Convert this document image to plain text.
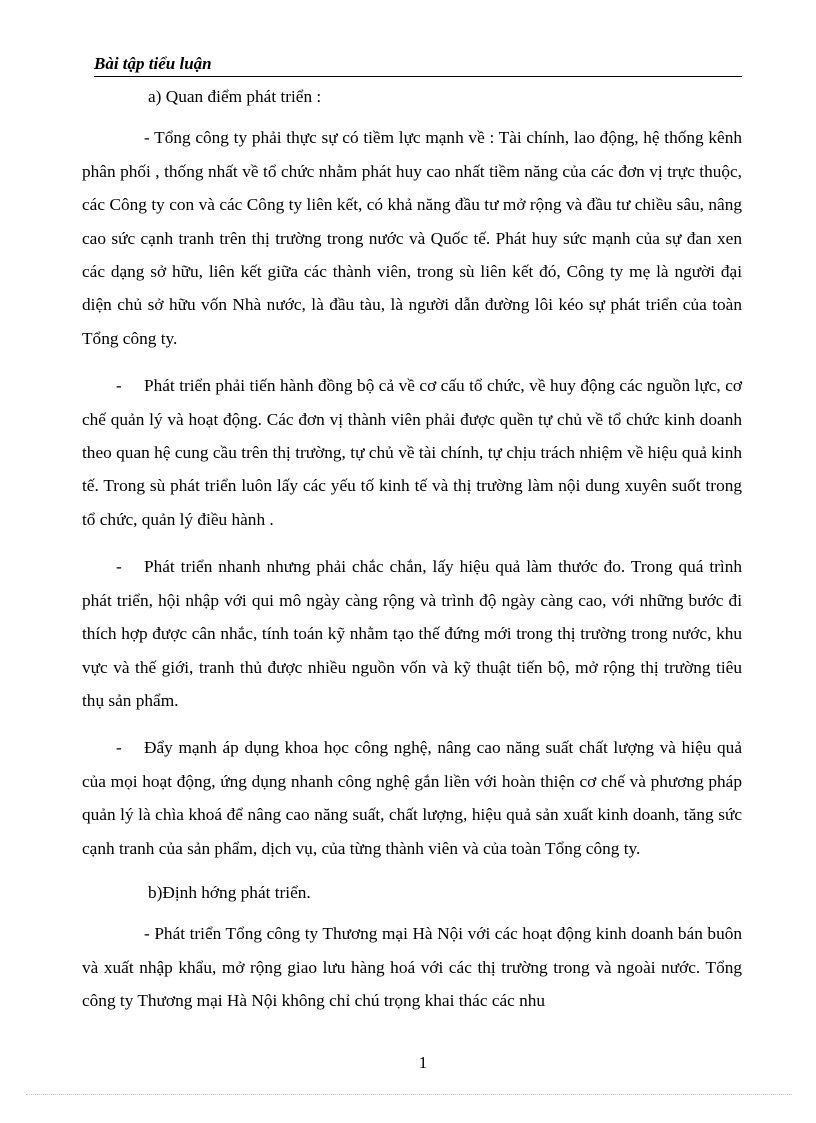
Bài tập tiểu luận

a) Quan điểm phát triển :

- Tổng công ty phải thực sự có tiềm lực mạnh về : Tài chính, lao động, hệ thống kênh phân phối , thống nhất về tổ chức nhằm phát huy cao nhất tiềm năng của các đơn vị trực thuộc, các Công ty con và các Công ty liên kết, có khả năng đầu tư mở rộng và đầu tư chiều sâu, nâng cao sức cạnh tranh trên thị trường trong nước và Quốc tế. Phát huy sức mạnh của sự đan xen các dạng sở hữu, liên kết giữa các thành viên, trong sù liên kết đó, Công ty mẹ là người đại diện chủ sở hữu vốn Nhà nước, là đầu tàu, là người dẫn đường lôi kéo sự phát triển của toàn Tổng công ty.

-	Phát triển phải tiến hành đồng bộ cả về cơ cấu tổ chức, về huy động các nguồn lực, cơ chế quản lý và hoạt động. Các đơn vị thành viên phải được quền tự chủ về tổ chức kinh doanh theo quan hệ cung cầu trên thị trường, tự chủ về tài chính, tự chịu trách nhiệm về hiệu quả kinh tế. Trong sù phát triển luôn lấy các yếu tố kinh tế và thị trường làm nội dung xuyên suốt trong tổ chức, quản lý điều hành .
-	Phát triển nhanh nhưng phải chắc chắn, lấy hiệu quả làm thước đo. Trong quá trình phát triển, hội nhập với qui mô ngày càng rộng và trình độ ngày càng cao, với những bước đi thích hợp được cân nhắc, tính toán kỹ nhằm tạo thế đứng mới trong thị trường trong nước, khu vực và thế giới, tranh thủ được nhiều nguồn vốn và kỹ thuật tiến bộ, mở rộng thị trường tiêu thụ sản phẩm.
-	Đẩy mạnh áp dụng khoa học công nghệ, nâng cao năng suất chất lượng và hiệu quả của mọi hoạt động, ứng dụng nhanh công nghệ gắn liền với hoàn thiện cơ chế và phương pháp quản lý là chìa khoá để nâng cao năng suất, chất lượng, hiệu quả sản xuất kinh doanh, tăng sức cạnh tranh của sản phẩm, dịch vụ, của từng thành viên và của toàn Tổng công ty.

b)Định hớng phát triển.

- Phát triển Tổng công ty Thương mại Hà Nội với các hoạt động kinh doanh bán buôn và xuất nhập khẩu, mở rộng giao lưu hàng hoá với các thị trường trong và ngoài nước. Tổng công ty Thương mại Hà Nội không chỉ chú trọng khai thác các nhu

1
